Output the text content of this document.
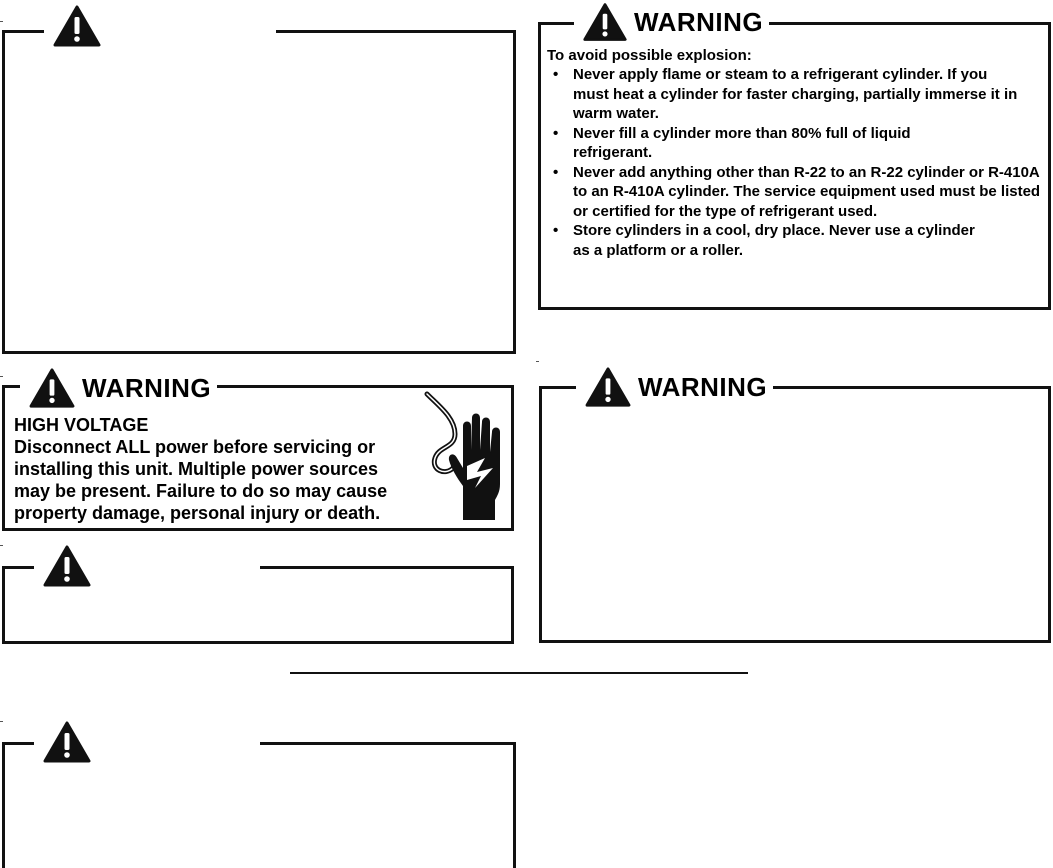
To avoid possible explosion:
• Never apply flame or steam to a refrigerant cylinder. If you must heat a cylinder for faster charging, partially immerse it in warm water.
• Never fill a cylinder more than 80% full of liquid refrigerant.
• Never add anything other than R-22 to an R-22 cylinder or R-410A to an R-410A cylinder. The service equipment used must be listed or certified for the type of refrigerant used.
• Store cylinders in a cool, dry place. Never use a cylinder as a platform or a roller.
WARNING
HIGH VOLTAGE
Disconnect ALL power before servicing or installing this unit. Multiple power sources may be present. Failure to do so may cause property damage, personal injury or death.
WARNING	WARNING
